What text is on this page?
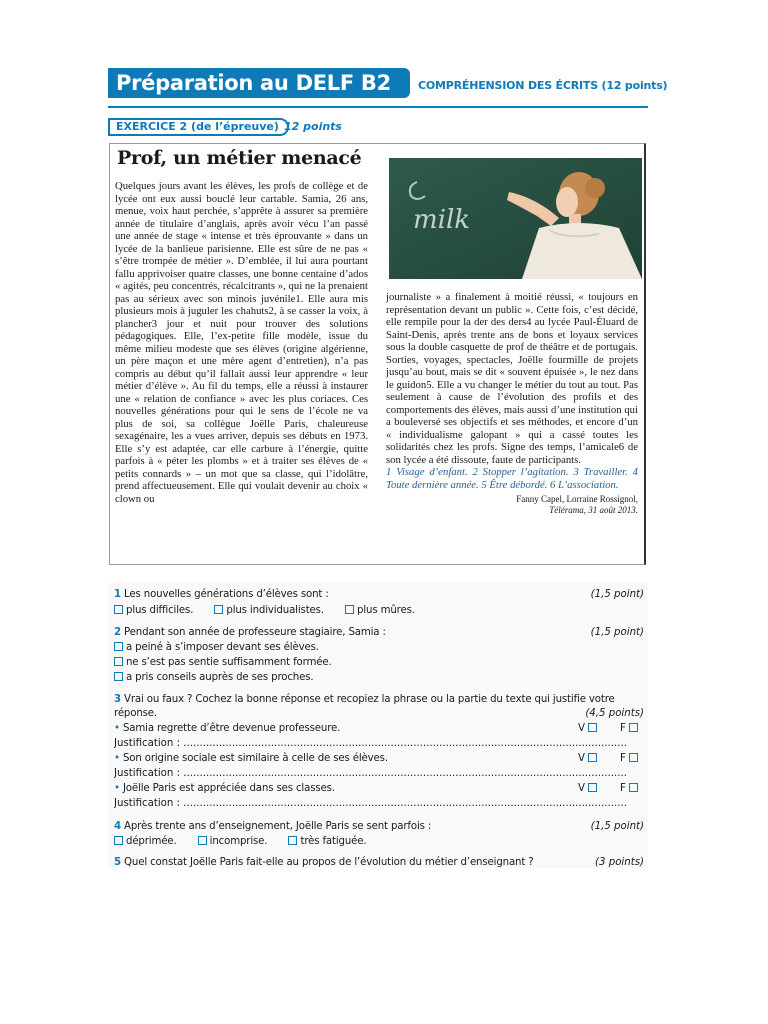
Préparation au DELF B2	COMPRÉHENSION DES ÉCRITS (12 points)
EXERCICE 2 (de l’épreuve) 12 points
Prof, un métier menacé
milk

Quelques jours avant les élèves, les profs de collège et de lycée ont eux aussi bouclé leur cartable. Samia, 26 ans, menue, voix haut perchée, s’apprête à assurer sa première année de titulaire d’anglais, après avoir vécu l’an passé une année de stage « intense et très éprouvante » dans un lycée de la banlieue parisienne. Elle est sûre de ne pas « s’être trompée de métier ». D’emblée, il lui aura pourtant fallu apprivoiser quatre classes, une bonne centaine d’ados « agités, peu concentrés, récalcitrants », qui ne la prenaient pas au sérieux avec son minois juvénile1. Elle aura mis plusieurs mois à juguler les chahuts2, à se casser la voix, à plancher3 jour et nuit pour trouver des solutions pédagogiques. Elle, l’ex-petite fille modèle, issue du même milieu modeste que ses élèves (origine algérienne, un père maçon et une mère agent d’entretien), n’a pas compris au début qu’il fallait aussi leur apprendre « leur métier d’élève ». Au fil du temps, elle a réussi à instaurer une « relation de confiance » avec les plus coriaces. Ces nouvelles générations pour qui le sens de l’école ne va plus de soi, sa collègue Joëlle Paris, chaleureuse sexagénaire, les a vues arriver, depuis ses débuts en 1973. Elle s’y est adaptée, car elle carbure à l’énergie, quitte parfois à « péter les plombs » et à traiter ses élèves de « petits connards » – un mot que sa classe, qui l’idolâtre, prend affectueusement. Elle qui voulait devenir au choix « clown ou

journaliste » a finalement à moitié réussi, « toujours en représentation devant un public ». Cette fois, c’est décidé, elle rempile pour la der des ders4 au lycée Paul-Éluard de Saint-Denis, après trente ans de bons et loyaux services sous la double casquette de prof de théâtre et de portugais. Sorties, voyages, spectacles, Joëlle fourmille de projets jusqu’au bout, mais se dit « souvent épuisée », le nez dans le guidon5. Elle a vu changer le métier du tout au tout. Pas seulement à cause de l’évolution des profils et des comportements des élèves, mais aussi d’une institution qui a bouleversé ses objectifs et ses méthodes, et encore d’un « individualisme galopant » qui a cassé toutes les solidarités chez les profs. Signe des temps, l’amicale6 de son lycée a été dissoute, faute de participants.

1 Visage d’enfant. 2 Stopper l’agitation. 3 Travailler. 4 Toute dernière année. 5 Être débordé. 6 L’association.

Fanny Capel, Lorraine Rossignol,
Télérama, 31 août 2013.
1 Les nouvelles générations d’élèves sont :	(1,5 point)
plus difficiles.	plus individualistes.	plus mûres.
2 Pendant son année de professeure stagiaire, Samia :	(1,5 point)
a peiné à s’imposer devant ses élèves.
ne s’est pas sentie suffisamment formée.
a pris conseils auprès de ses proches.
3 Vrai ou faux ? Cochez la bonne réponse et recopiez la phrase ou la partie du texte qui justifie votre
réponse.	(4,5 points)
• Samia regrette d’être devenue professeure.	V	F
Justification : .........................................................................................................................................
• Son origine sociale est similaire à celle de ses élèves.	V	F
Justification : .........................................................................................................................................
• Joëlle Paris est appréciée dans ses classes.	V	F
Justification : .........................................................................................................................................
4 Après trente ans d’enseignement, Joëlle Paris se sent parfois :	(1,5 point)
déprimée.	incomprise.	très fatiguée.
5 Quel constat Joëlle Paris fait-elle au propos de l’évolution du métier d’enseignant ?	(3 points)
